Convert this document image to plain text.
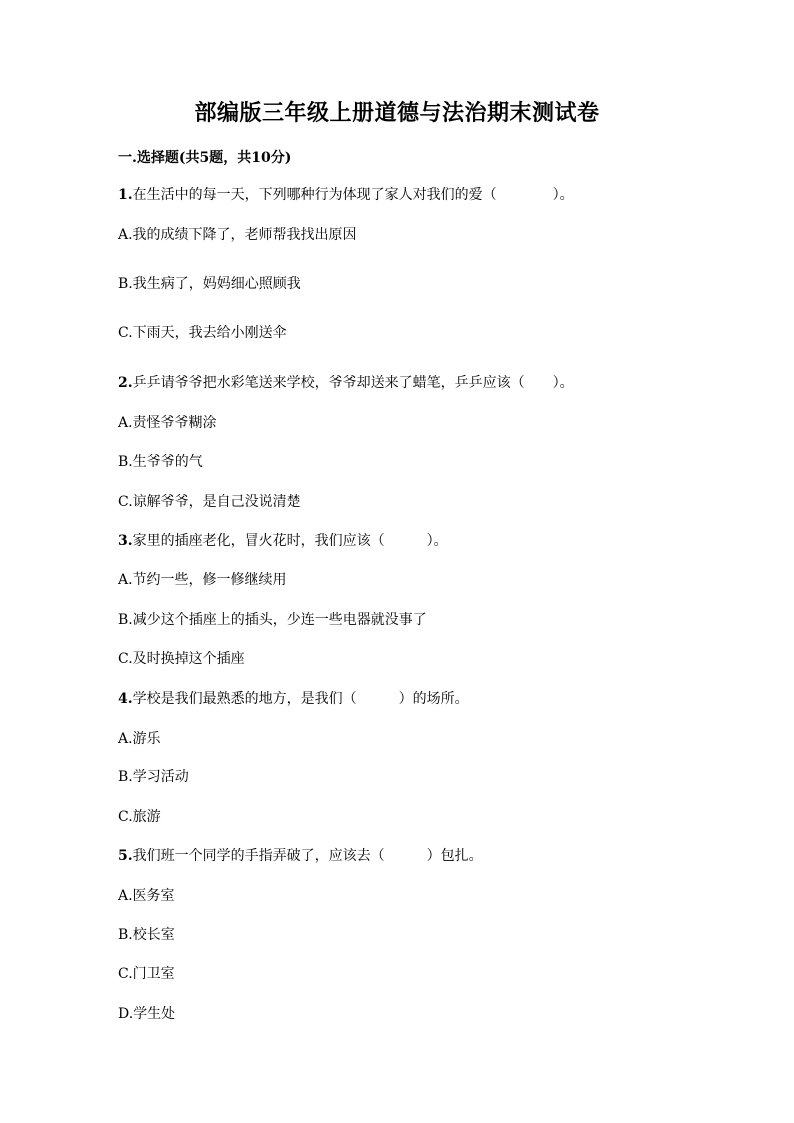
部编版三年级上册道德与法治期末测试卷
一.选择题(共5题，共10分)
1.在生活中的每一天，下列哪种行为体现了家人对我们的爱（　　　　）。
A.我的成绩下降了，老师帮我找出原因
B.我生病了，妈妈细心照顾我
C.下雨天，我去给小刚送伞
2.乒乒请爷爷把水彩笔送来学校，爷爷却送来了蜡笔，乒乒应该（　　）。
A.责怪爷爷糊涂
B.生爷爷的气
C.谅解爷爷，是自己没说清楚
3.家里的插座老化，冒火花时，我们应该（　　　）。
A.节约一些，修一修继续用
B.减少这个插座上的插头，少连一些电器就没事了
C.及时换掉这个插座
4.学校是我们最熟悉的地方，是我们（　　　）的场所。
A.游乐
B.学习活动
C.旅游
5.我们班一个同学的手指弄破了，应该去（　　　）包扎。
A.医务室
B.校长室
C.门卫室
D.学生处
